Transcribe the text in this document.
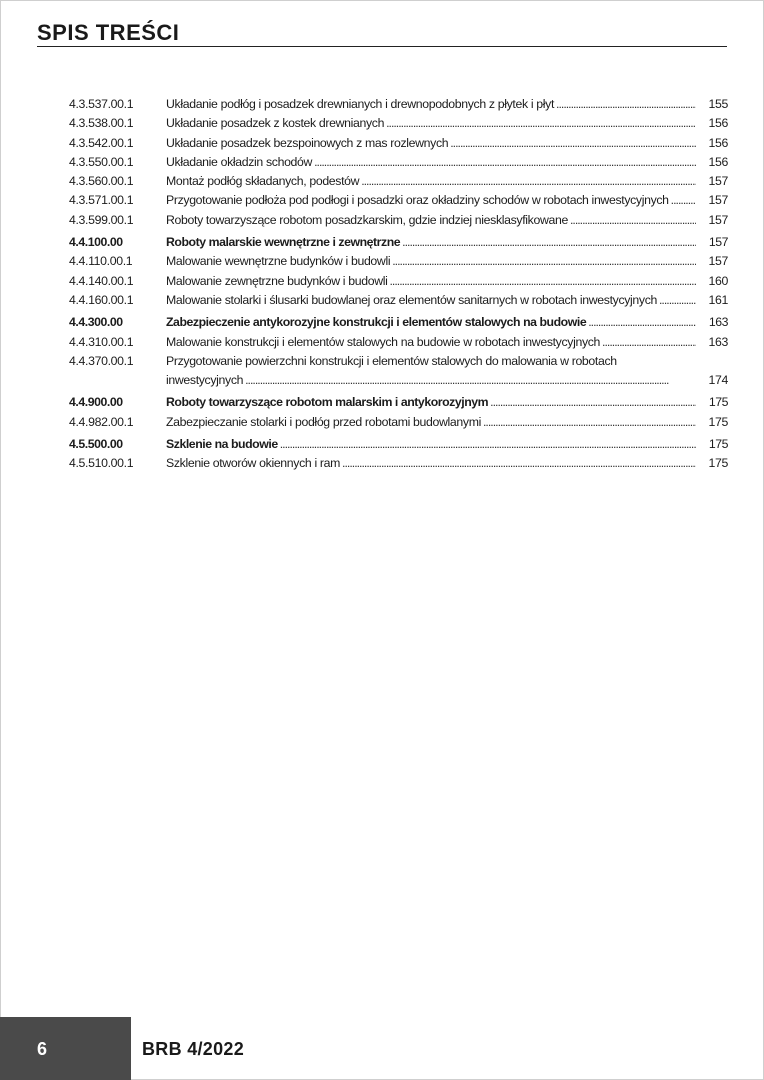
SPIS TREŚCI
4.3.537.00.1	Układanie podłóg i posadzek drewnianych i drewnopodobnych z płytek i płyt . . .	155
4.3.538.00.1	Układanie posadzek z kostek drewnianych . . .	156
4.3.542.00.1	Układanie posadzek bezspoinowych z mas rozlewnych . . .	156
4.3.550.00.1	Układanie okładzin schodów . . .	156
4.3.560.00.1	Montaż podłóg składanych, podestów . . .	157
4.3.571.00.1	Przygotowanie podłoża pod podłogi i posadzki oraz okładziny schodów w robotach inwestycyjnych . . .	157
4.3.599.00.1	Roboty towarzyszące robotom posadzkarskim, gdzie indziej niesklasyfikowane . . .	157
4.4.100.00	Roboty malarskie wewnętrzne i zewnętrzne . . .	157
4.4.110.00.1	Malowanie wewnętrzne budynków i budowli . . .	157
4.4.140.00.1	Malowanie zewnętrzne budynków i budowli . . .	160
4.4.160.00.1	Malowanie stolarki i ślusarki budowlanej oraz elementów sanitarnych w robotach inwestycyjnych . . .	161
4.4.300.00	Zabezpieczenie antykorozyjne konstrukcji i elementów stalowych na budowie . . .	163
4.4.310.00.1	Malowanie konstrukcji i elementów stalowych na budowie w robotach inwestycyjnych . . .	163
4.4.370.00.1	Przygotowanie powierzchni konstrukcji i elementów stalowych do malowania w robotach
inwestycyjnych . . .	174
4.4.900.00	Roboty towarzyszące robotom malarskim i antykorozyjnym . . .	175
4.4.982.00.1	Zabezpieczanie stolarki i podłóg przed robotami budowlanymi . . .	175
4.5.500.00	Szklenie na budowie . . .	175
4.5.510.00.1	Szklenie otworów okiennych i ram . . .	175
6	BRB 4/2022
